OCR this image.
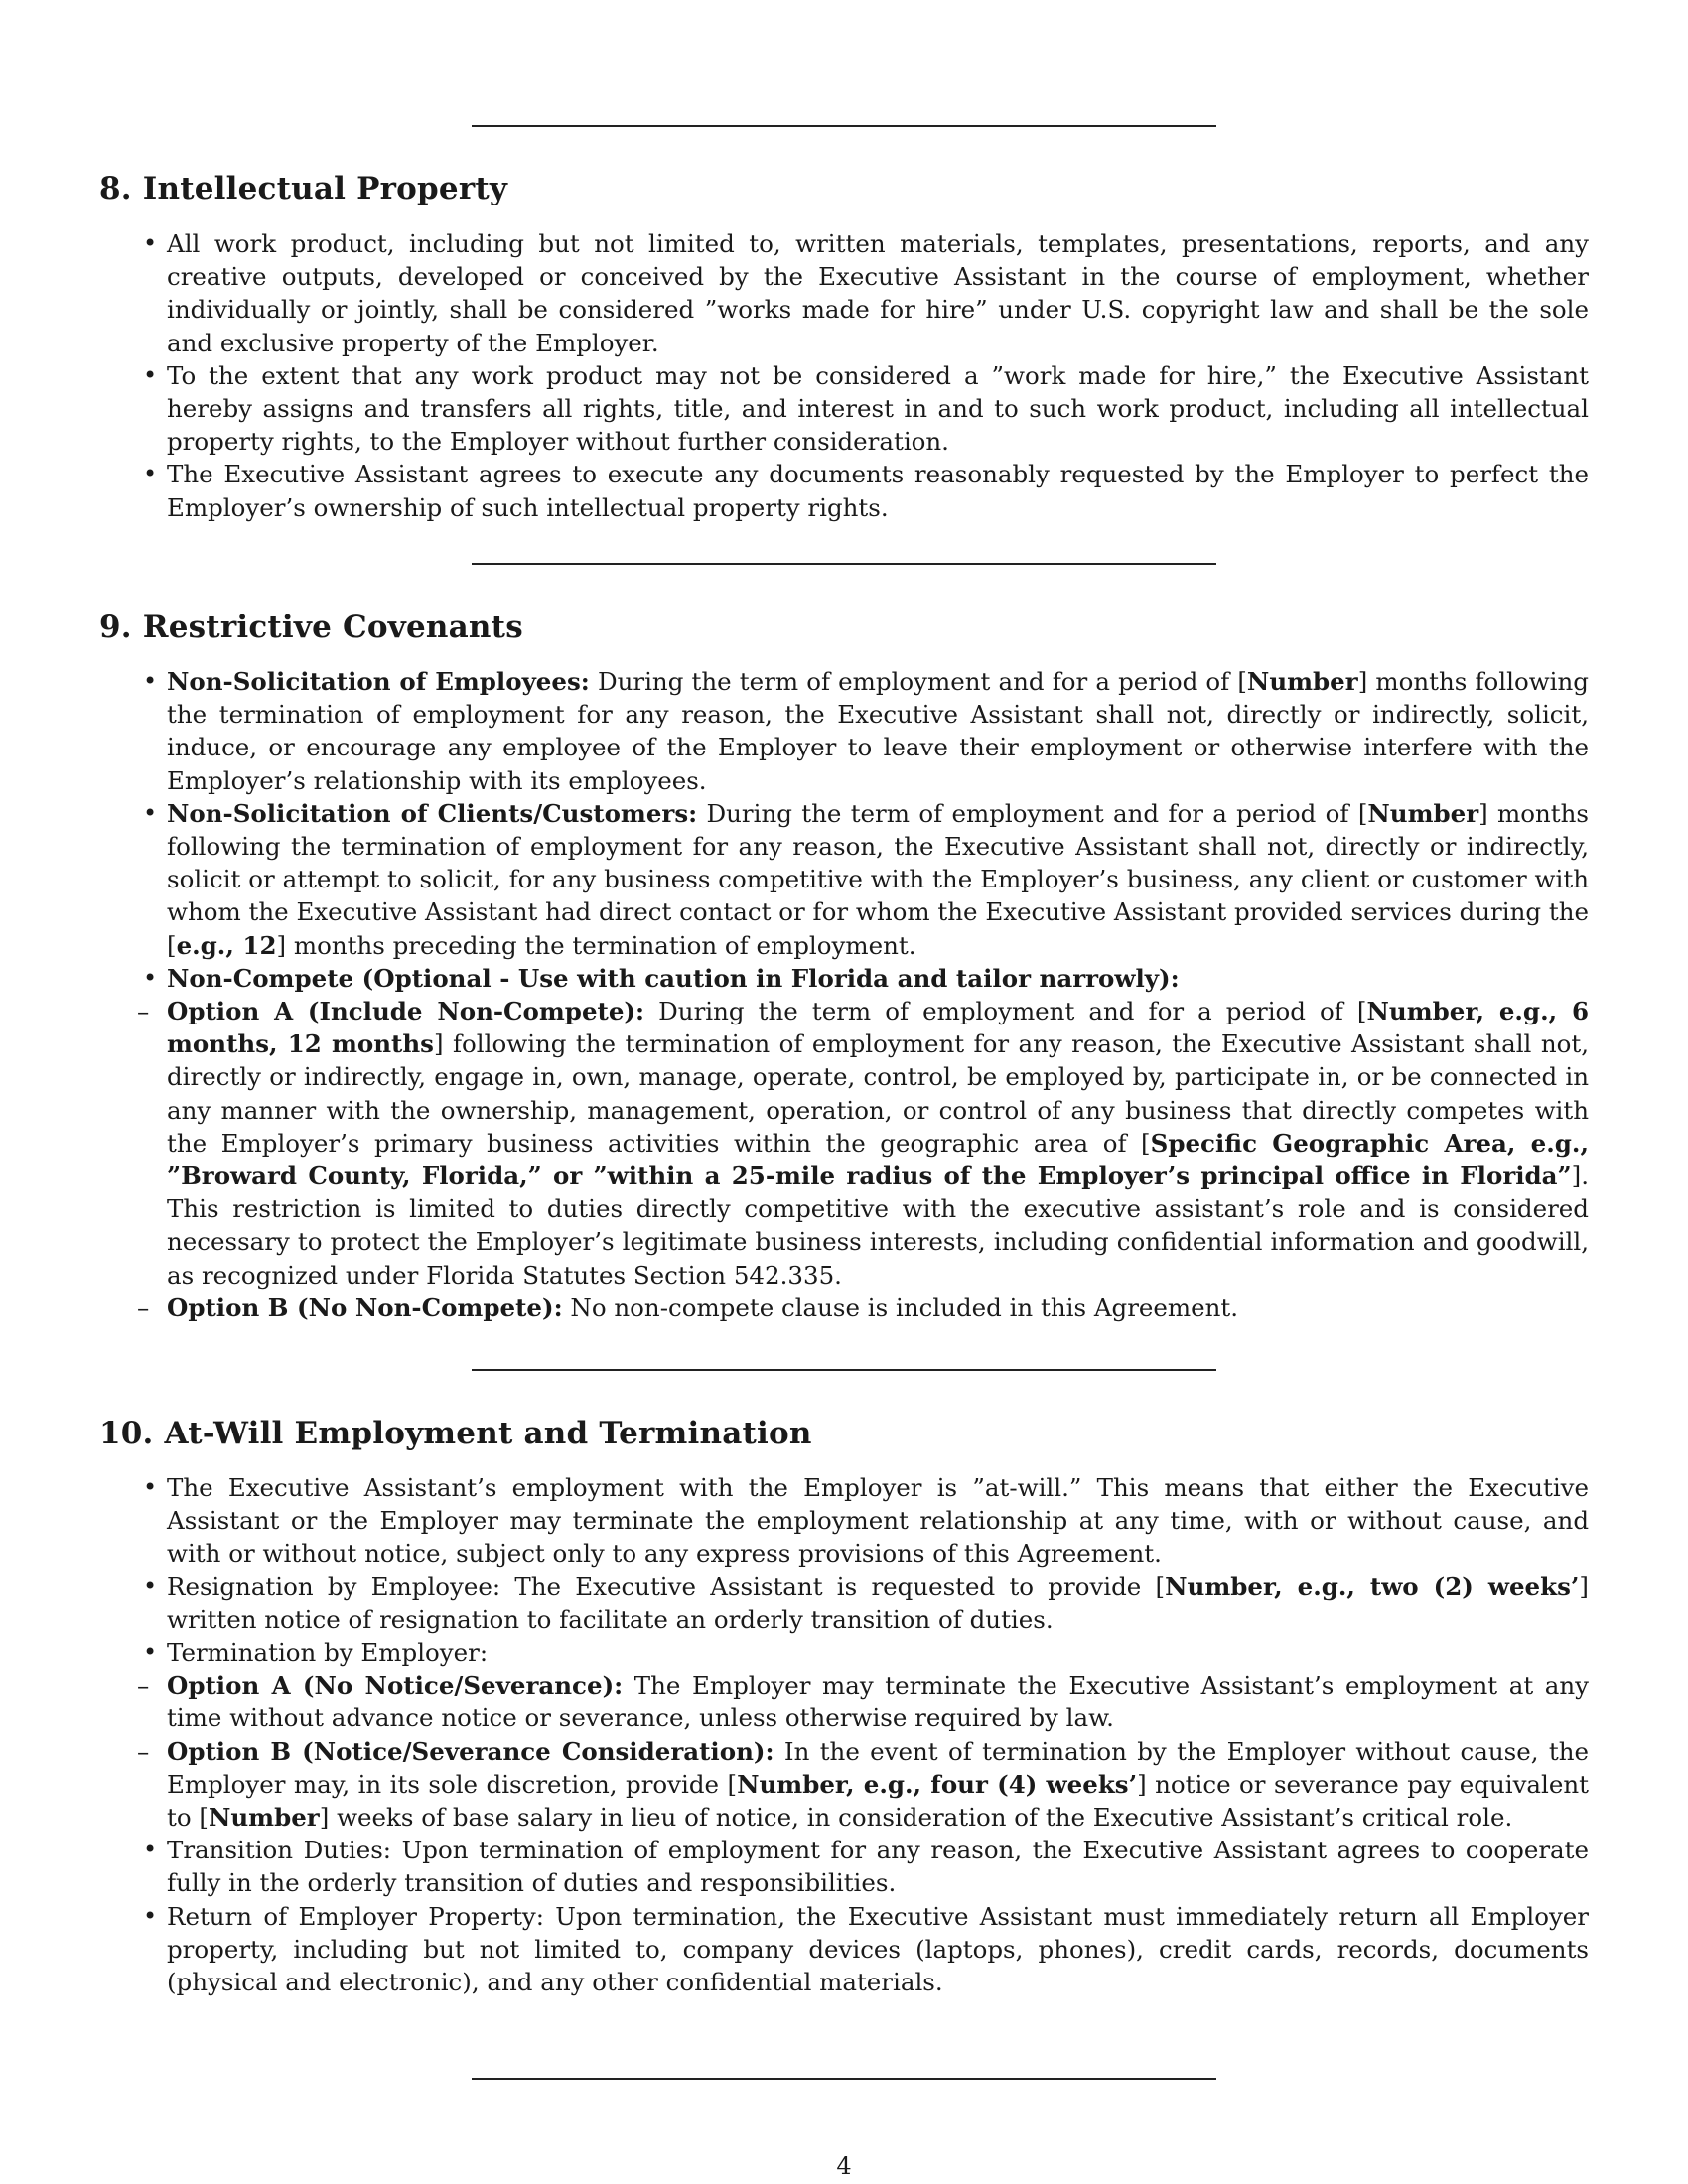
8. Intellectual Property
• All work product, including but not limited to, written materials, templates, presentations, reports, and any creative outputs, developed or conceived by the Executive Assistant in the course of employment, whether individually or jointly, shall be considered ”works made for hire” under U.S. copyright law and shall be the sole and exclusive property of the Employer.
• To the extent that any work product may not be considered a ”work made for hire,” the Executive Assistant hereby assigns and transfers all rights, title, and interest in and to such work product, including all intellectual property rights, to the Employer without further consideration.
• The Executive Assistant agrees to execute any documents reasonably requested by the Employer to perfect the Employer’s ownership of such intellectual property rights.
9. Restrictive Covenants
• Non-Solicitation of Employees: During the term of employment and for a period of [Number] months following the termination of employment for any reason, the Executive Assistant shall not, directly or indirectly, solicit, induce, or encourage any employee of the Employer to leave their employment or otherwise interfere with the Employer’s relationship with its employees.
• Non-Solicitation of Clients/Customers: During the term of employment and for a period of [Number] months following the termination of employment for any reason, the Executive Assistant shall not, directly or indirectly, solicit or attempt to solicit, for any business competitive with the Employer’s business, any client or customer with whom the Executive Assistant had direct contact or for whom the Executive Assistant provided services during the [e.g., 12] months preceding the termination of employment.
• Non-Compete (Optional - Use with caution in Florida and tailor narrowly):
– Option A (Include Non-Compete): During the term of employment and for a period of [Number, e.g., 6 months, 12 months] following the termination of employment for any reason, the Executive Assistant shall not, directly or indirectly, engage in, own, manage, operate, control, be employed by, participate in, or be connected in any manner with the ownership, management, operation, or control of any business that directly competes with the Employer’s primary business activities within the geographic area of [Specific Geographic Area, e.g., ”Broward County, Florida,” or ”within a 25-mile radius of the Employer’s principal office in Florida”]. This restriction is limited to duties directly competitive with the executive assistant’s role and is considered necessary to protect the Employer’s legitimate business interests, including confidential information and goodwill, as recognized under Florida Statutes Section 542.335.
– Option B (No Non-Compete): No non-compete clause is included in this Agreement.
10. At-Will Employment and Termination
• The Executive Assistant’s employment with the Employer is ”at-will.” This means that either the Executive Assistant or the Employer may terminate the employment relationship at any time, with or without cause, and with or without notice, subject only to any express provisions of this Agreement.
• Resignation by Employee: The Executive Assistant is requested to provide [Number, e.g., two (2) weeks’] written notice of resignation to facilitate an orderly transition of duties.
• Termination by Employer:
– Option A (No Notice/Severance): The Employer may terminate the Executive Assistant’s employment at any time without advance notice or severance, unless otherwise required by law.
– Option B (Notice/Severance Consideration): In the event of termination by the Employer without cause, the Employer may, in its sole discretion, provide [Number, e.g., four (4) weeks’] notice or severance pay equivalent to [Number] weeks of base salary in lieu of notice, in consideration of the Executive Assistant’s critical role.
• Transition Duties: Upon termination of employment for any reason, the Executive Assistant agrees to cooperate fully in the orderly transition of duties and responsibilities.
• Return of Employer Property: Upon termination, the Executive Assistant must immediately return all Employer property, including but not limited to, company devices (laptops, phones), credit cards, records, documents (physical and electronic), and any other confidential materials.
4
